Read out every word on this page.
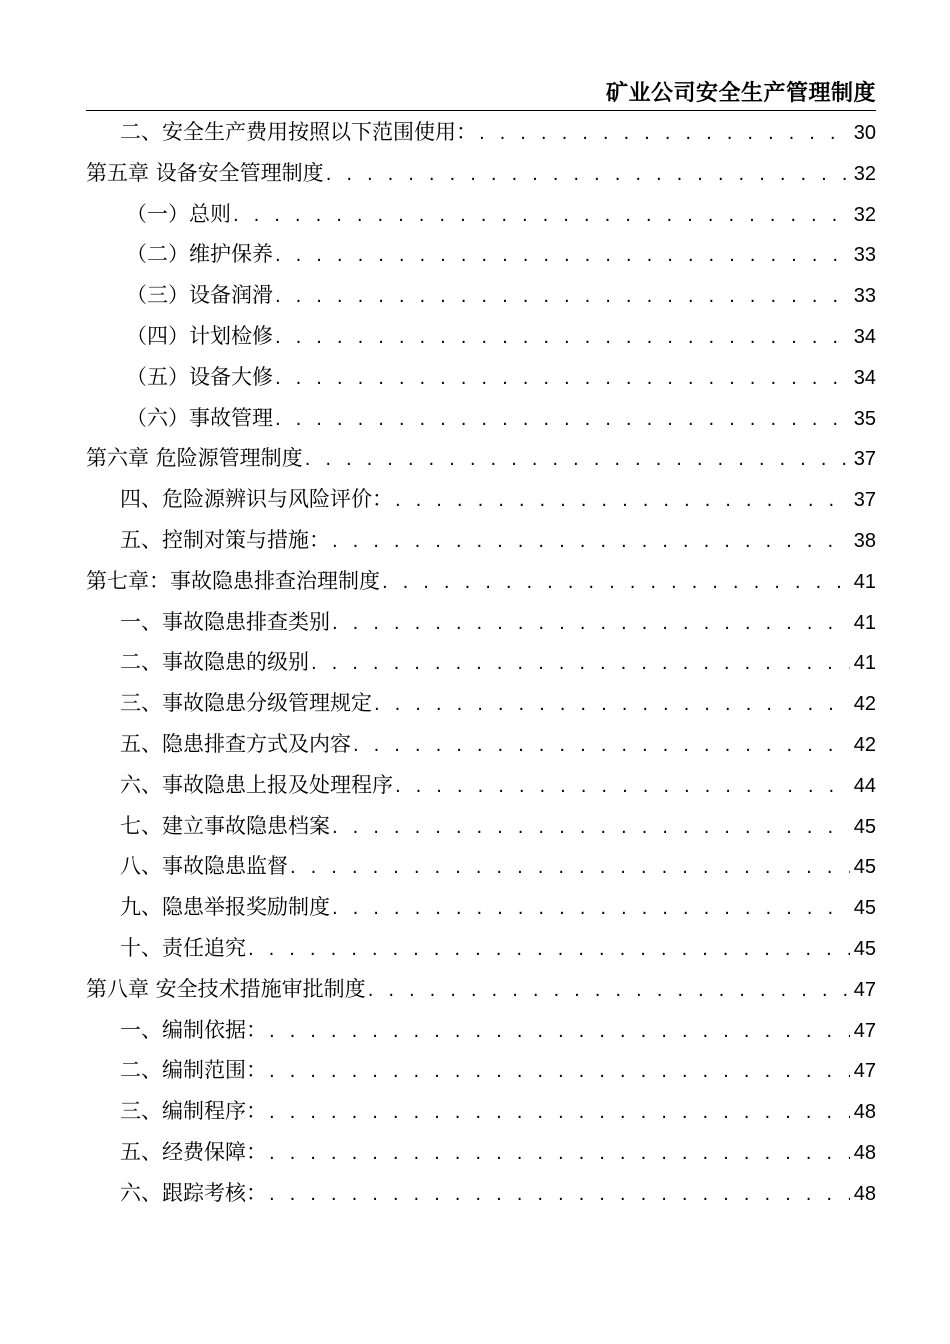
矿业公司安全生产管理制度
二、安全生产费用按照以下范围使用： . . .	30
第五章 设备安全管理制度 . . .	32
（一）总则 . . .	32
（二）维护保养 . . .	33
（三）设备润滑 . . .	33
（四）计划检修 . . .	34
（五）设备大修 . . .	34
（六）事故管理 . . .	35
第六章 危险源管理制度 . . .	37
四、危险源辨识与风险评价： . . .	37
五、控制对策与措施： . . .	38
第七章：事故隐患排查治理制度 . . .	41
一、事故隐患排查类别 . . .	41
二、事故隐患的级别 . . .	41
三、事故隐患分级管理规定 . . .	42
五、隐患排查方式及内容 . . .	42
六、事故隐患上报及处理程序 . . .	44
七、建立事故隐患档案 . . .	45
八、事故隐患监督 . . .	45
九、隐患举报奖励制度 . . .	45
十、责任追究 . . .	45
第八章 安全技术措施审批制度 . . .	47
一、编制依据： . . .	47
二、编制范围： . . .	47
三、编制程序： . . .	48
五、经费保障： . . .	48
六、跟踪考核： . . .	48
